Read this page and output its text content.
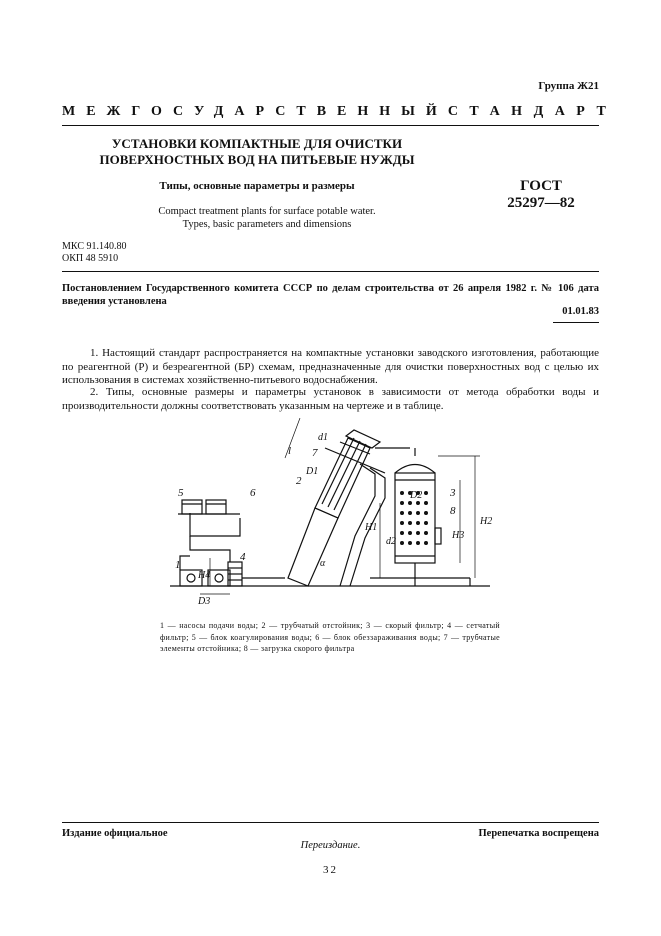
Группа Ж21
МЕЖГОСУДАРСТВЕННЫЙ СТАНДАРТ
УСТАНОВКИ КОМПАКТНЫЕ ДЛЯ ОЧИСТКИ
ПОВЕРХНОСТНЫХ ВОД НА ПИТЬЕВЫЕ НУЖДЫ
Типы, основные параметры и размеры	ГОСТ
25297—82
Compact treatment plants for surface potable water.
Types, basic parameters and dimensions
МКС 91.140.80
ОКП 48 5910
Постановлением Государственного комитета СССР по делам строительства от 26 апреля 1982 г. № 106 дата введения установлена
01.01.83
1. Настоящий стандарт распространяется на компактные установки заводского изготовления, работающие по реагентной (Р) и безреагентной (БР) схемам, предназначенные для очистки поверхностных вод с целью их использования в системах хозяйственно-питьевого водоснабжения.
2. Типы, основные размеры и параметры установок в зависимости от метода обработки воды и производительности должны соответствовать указанным на чертеже и в таблице.
5	6
4
1
2
7
3
8
l
d1
D1
D2
d2
D3
H1
H2
H3
H4
α
1 — насосы подачи воды; 2 — трубчатый отстойник; 3 — скорый фильтр; 4 — сетчатый фильтр; 5 — блок коагулирования воды; 6 — блок обеззараживания воды; 7 — трубчатые элементы отстойника; 8 — загрузка скорого фильтра
Издание официальное	Перепечатка воспрещена
Переиздание.
32
